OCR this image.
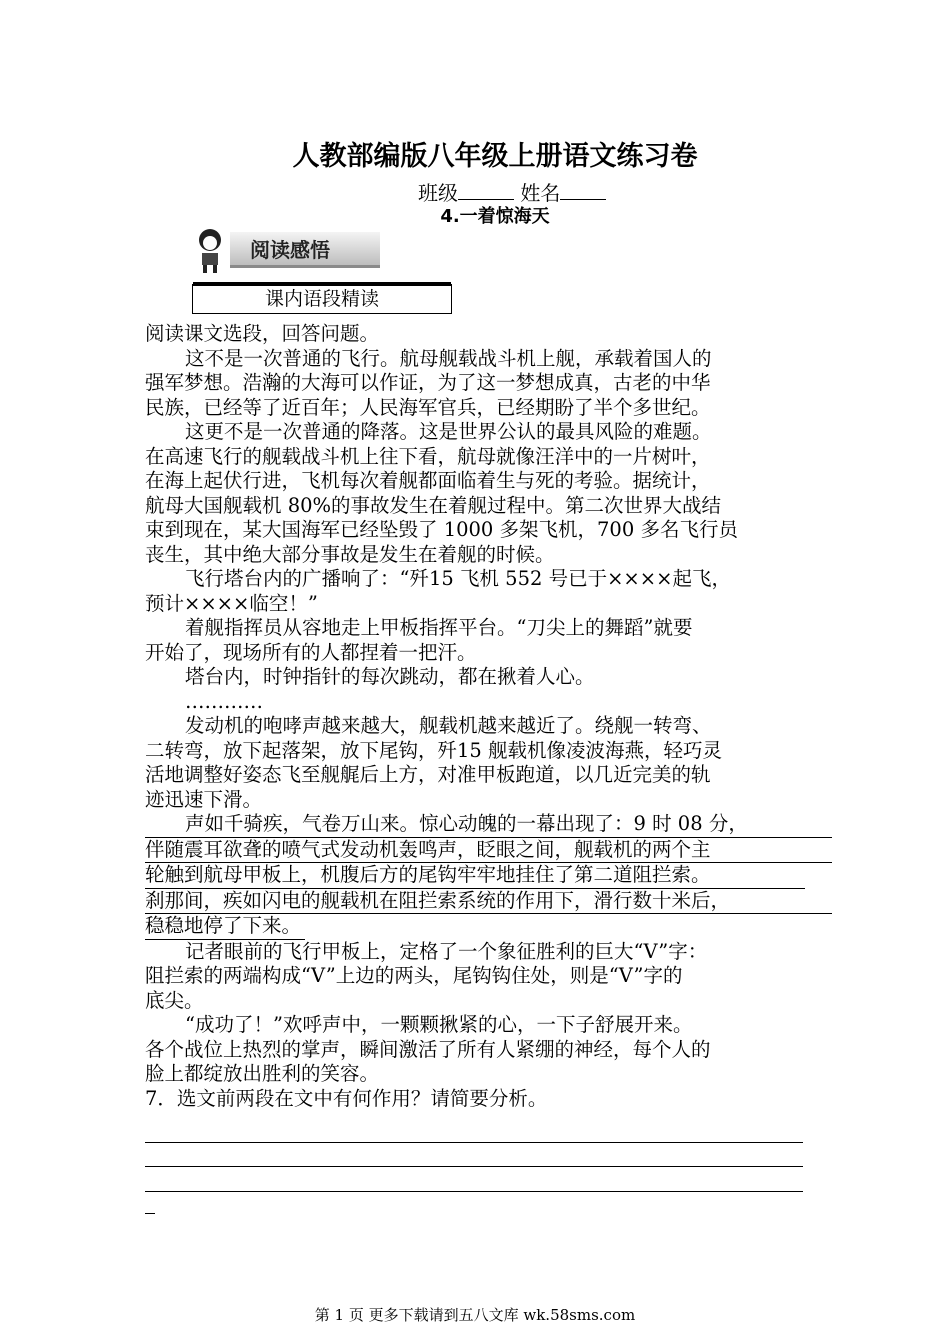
人教部编版八年级上册语文练习卷
班级	姓名
4.一着惊海天
阅读感悟
课内语段精读

阅读课文选段，回答问题。

这不是一次普通的飞行。航母舰载战斗机上舰，承载着国人的

强军梦想。浩瀚的大海可以作证，为了这一梦想成真，古老的中华

民族，已经等了近百年；人民海军官兵，已经期盼了半个多世纪。

这更不是一次普通的降落。这是世界公认的最具风险的难题。

在高速飞行的舰载战斗机上往下看，航母就像汪洋中的一片树叶，

在海上起伏行进，飞机每次着舰都面临着生与死的考验。据统计，

航母大国舰载机 80%的事故发生在着舰过程中。第二次世界大战结

束到现在，某大国海军已经坠毁了 1000 多架飞机，700 多名飞行员

丧生，其中绝大部分事故是发生在着舰的时候。

飞行塔台内的广播响了：“歼15 飞机 552 号已于××××起飞，

预计××××临空！”

着舰指挥员从容地走上甲板指挥平台。“刀尖上的舞蹈”就要

开始了，现场所有的人都捏着一把汗。

塔台内，时钟指针的每次跳动，都在揪着人心。

…………

发动机的咆哮声越来越大，舰载机越来越近了。绕舰一转弯、

二转弯，放下起落架，放下尾钩，歼15 舰载机像凌波海燕，轻巧灵

活地调整好姿态飞至舰艉后上方，对准甲板跑道，以几近完美的轨

迹迅速下滑。

声如千骑疾，气卷万山来。惊心动魄的一幕出现了：9 时 08 分，

伴随震耳欲聋的喷气式发动机轰鸣声，眨眼之间，舰载机的两个主

轮触到航母甲板上，机腹后方的尾钩牢牢地挂住了第二道阻拦索。

刹那间，疾如闪电的舰载机在阻拦索系统的作用下，滑行数十米后，

稳稳地停了下来。

记者眼前的飞行甲板上，定格了一个象征胜利的巨大“V”字：

阻拦索的两端构成“V”上边的两头，尾钩钩住处，则是“V”字的

底尖。

“成功了！”欢呼声中，一颗颗揪紧的心，一下子舒展开来。

各个战位上热烈的掌声，瞬间激活了所有人紧绷的神经，每个人的

脸上都绽放出胜利的笑容。

7．选文前两段在文中有何作用？请简要分析。

第 1 页 更多下载请到五八文库 wk.58sms.com
